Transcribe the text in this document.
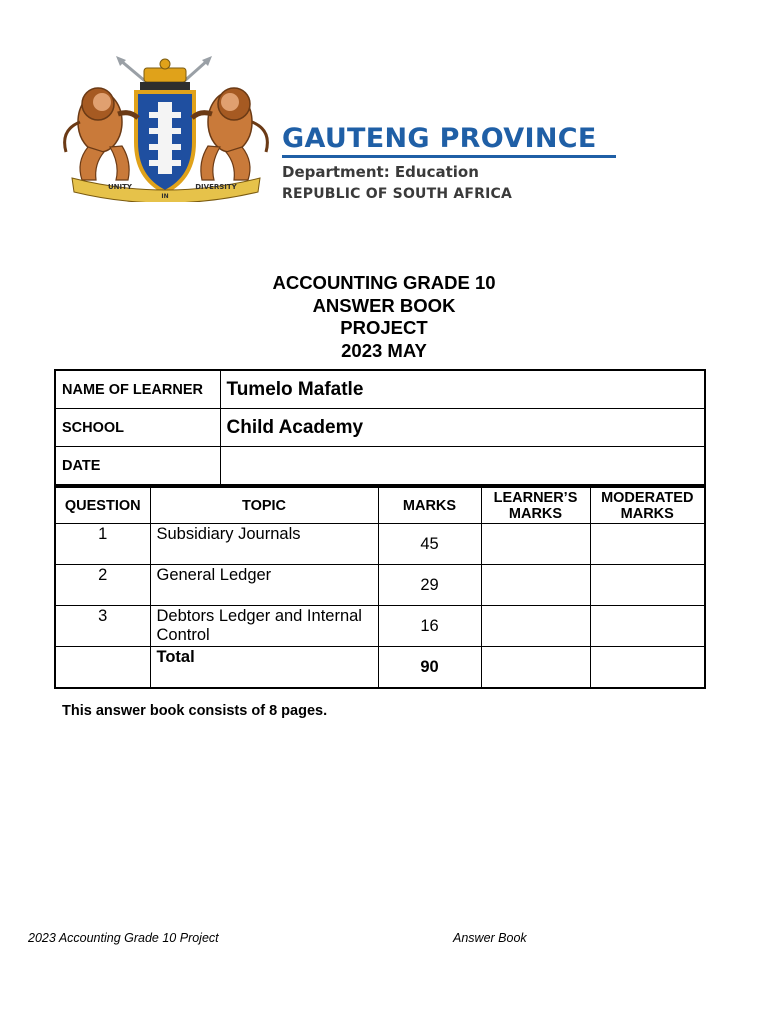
UNITY
IN
DIVERSITY
GAUTENG PROVINCE
Department: Education
REPUBLIC OF SOUTH AFRICA
ACCOUNTING GRADE 10
ANSWER BOOK
PROJECT
2023 MAY
NAME OF LEARNER	Tumelo Mafatle
SCHOOL	Child Academy
DATE	
QUESTION	TOPIC	MARKS	LEARNER’S MARKS	MODERATED MARKS
1	Subsidiary Journals	45		
2	General Ledger	29		
3	Debtors Ledger and Internal Control	16		
	Total	90		
This answer book consists of 8 pages.
2023 Accounting Grade 10 Project	Answer Book
